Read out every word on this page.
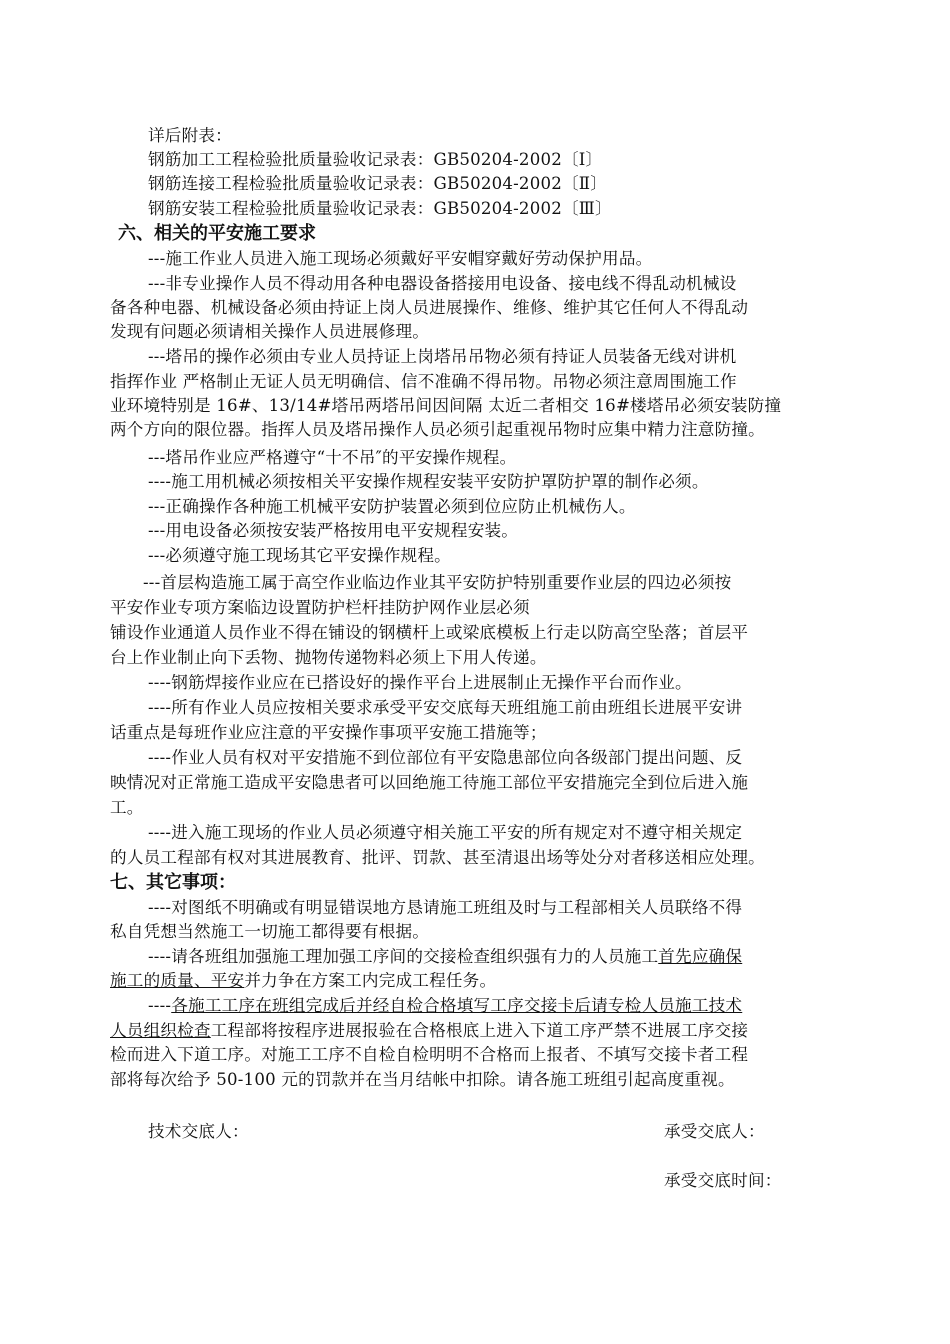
详后附表：
钢筋加工工程检验批质量验收记录表：GB50204-2002〔Ⅰ〕
钢筋连接工程检验批质量验收记录表：GB50204-2002〔Ⅱ〕
钢筋安装工程检验批质量验收记录表：GB50204-2002〔Ⅲ〕
六、相关的平安施工要求
---施工作业人员进入施工现场必须戴好平安帽穿戴好劳动保护用品。
---非专业操作人员不得动用各种电器设备搭接用电设备、接电线不得乱动机械设
备各种电器、机械设备必须由持证上岗人员进展操作、维修、维护其它任何人不得乱动
发现有问题必须请相关操作人员进展修理。
---塔吊的操作必须由专业人员持证上岗塔吊吊物必须有持证人员装备无线对讲机
指挥作业 严格制止无证人员无明确信、信不准确不得吊物。吊物必须注意周围施工作
业环境特别是 16#、13/14#塔吊两塔吊间因间隔 太近二者相交 16#楼塔吊必须安装防撞
两个方向的限位器。指挥人员及塔吊操作人员必须引起重视吊物时应集中精力注意防撞。
---塔吊作业应严格遵守“十不吊″的平安操作规程。
----施工用机械必须按相关平安操作规程安装平安防护罩防护罩的制作必须。
---正确操作各种施工机械平安防护装置必须到位应防止机械伤人。
---用电设备必须按安装严格按用电平安规程安装。
---必须遵守施工现场其它平安操作规程。
---首层构造施工属于高空作业临边作业其平安防护特别重要作业层的四边必须按
平安作业专项方案临边设置防护栏杆挂防护网作业层必须
铺设作业通道人员作业不得在铺设的钢横杆上或梁底模板上行走以防高空坠落；首层平
台上作业制止向下丢物、抛物传递物料必须上下用人传递。
----钢筋焊接作业应在已搭设好的操作平台上进展制止无操作平台而作业。
----所有作业人员应按相关要求承受平安交底每天班组施工前由班组长进展平安讲
话重点是每班作业应注意的平安操作事项平安施工措施等；
----作业人员有权对平安措施不到位部位有平安隐患部位向各级部门提出问题、反
映情况对正常施工造成平安隐患者可以回绝施工待施工部位平安措施完全到位后进入施
工。
----进入施工现场的作业人员必须遵守相关施工平安的所有规定对不遵守相关规定
的人员工程部有权对其进展教育、批评、罚款、甚至清退出场等处分对者移送相应处理。
七、其它事项：
----对图纸不明确或有明显错误地方恳请施工班组及时与工程部相关人员联络不得
私自凭想当然施工一切施工都得要有根据。
----请各班组加强施工理加强工序间的交接检查组织强有力的人员施工首先应确保
施工的质量、平安并力争在方案工内完成工程任务。
----各施工工序在班组完成后并经自检合格填写工序交接卡后请专检人员施工技术
人员组织检查工程部将按程序进展报验在合格根底上进入下道工序严禁不进展工序交接
检而进入下道工序。对施工工序不自检自检明明不合格而上报者、不填写交接卡者工程
部将每次给予 50-100 元的罚款并在当月结帐中扣除。请各施工班组引起高度重视。
技术交底人：	承受交底人：
承受交底时间：
